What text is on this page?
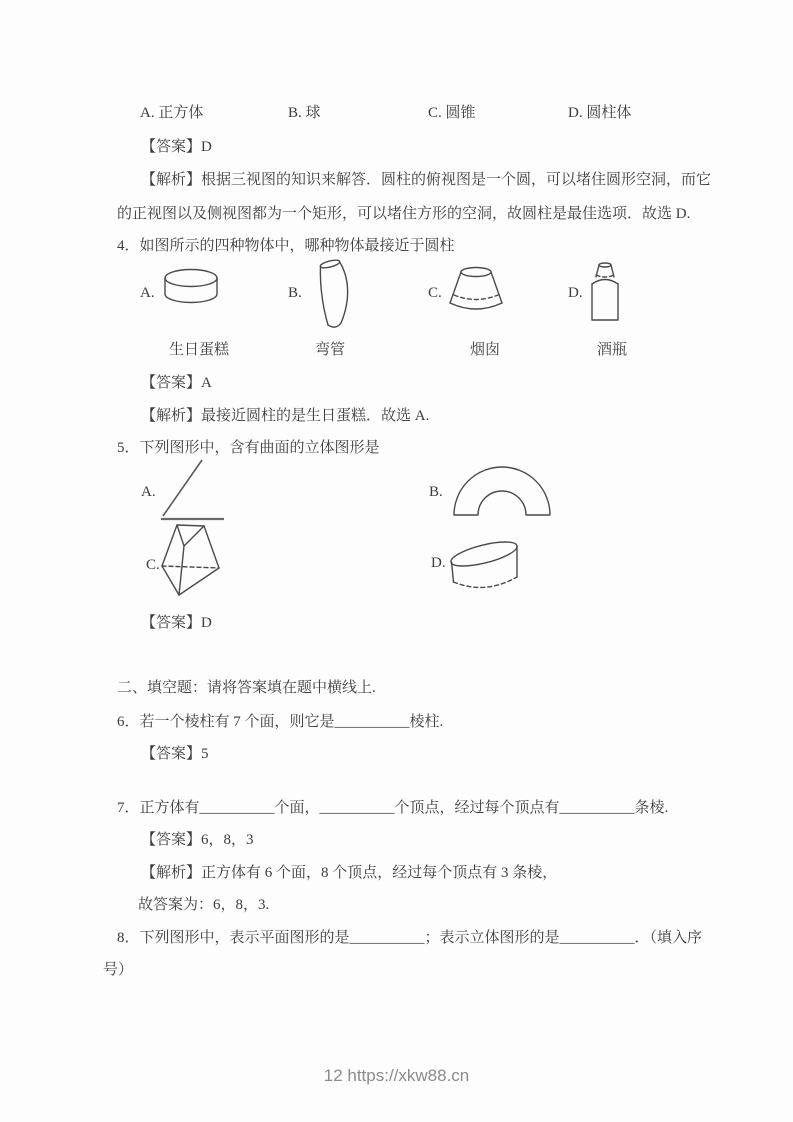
A. 正方体	B. 球	C. 圆锥	D. 圆柱体
【答案】D
【解析】根据三视图的知识来解答．圆柱的俯视图是一个圆，可以堵住圆形空洞，而它
的正视图以及侧视图都为一个矩形，可以堵住方形的空洞，故圆柱是最佳选项．故选 D.
4．如图所示的四种物体中，哪种物体最接近于圆柱
A.
生日蛋糕
B.
弯管
C.
烟囱
D.
酒瓶
【答案】A
【解析】最接近圆柱的是生日蛋糕．故选 A.
5．下列图形中，含有曲面的立体图形是
A.	B.
C.	D.
【答案】D
二、填空题：请将答案填在题中横线上.
6．若一个棱柱有 7 个面，则它是__________棱柱.
【答案】5
7．正方体有__________个面，__________个顶点，经过每个顶点有__________条棱.
【答案】6，8，3
【解析】正方体有 6 个面，8 个顶点，经过每个顶点有 3 条棱，
故答案为：6，8，3.
8．下列图形中，表示平面图形的是__________；表示立体图形的是__________．（填入序
号）
12 https://xkw88.cn
